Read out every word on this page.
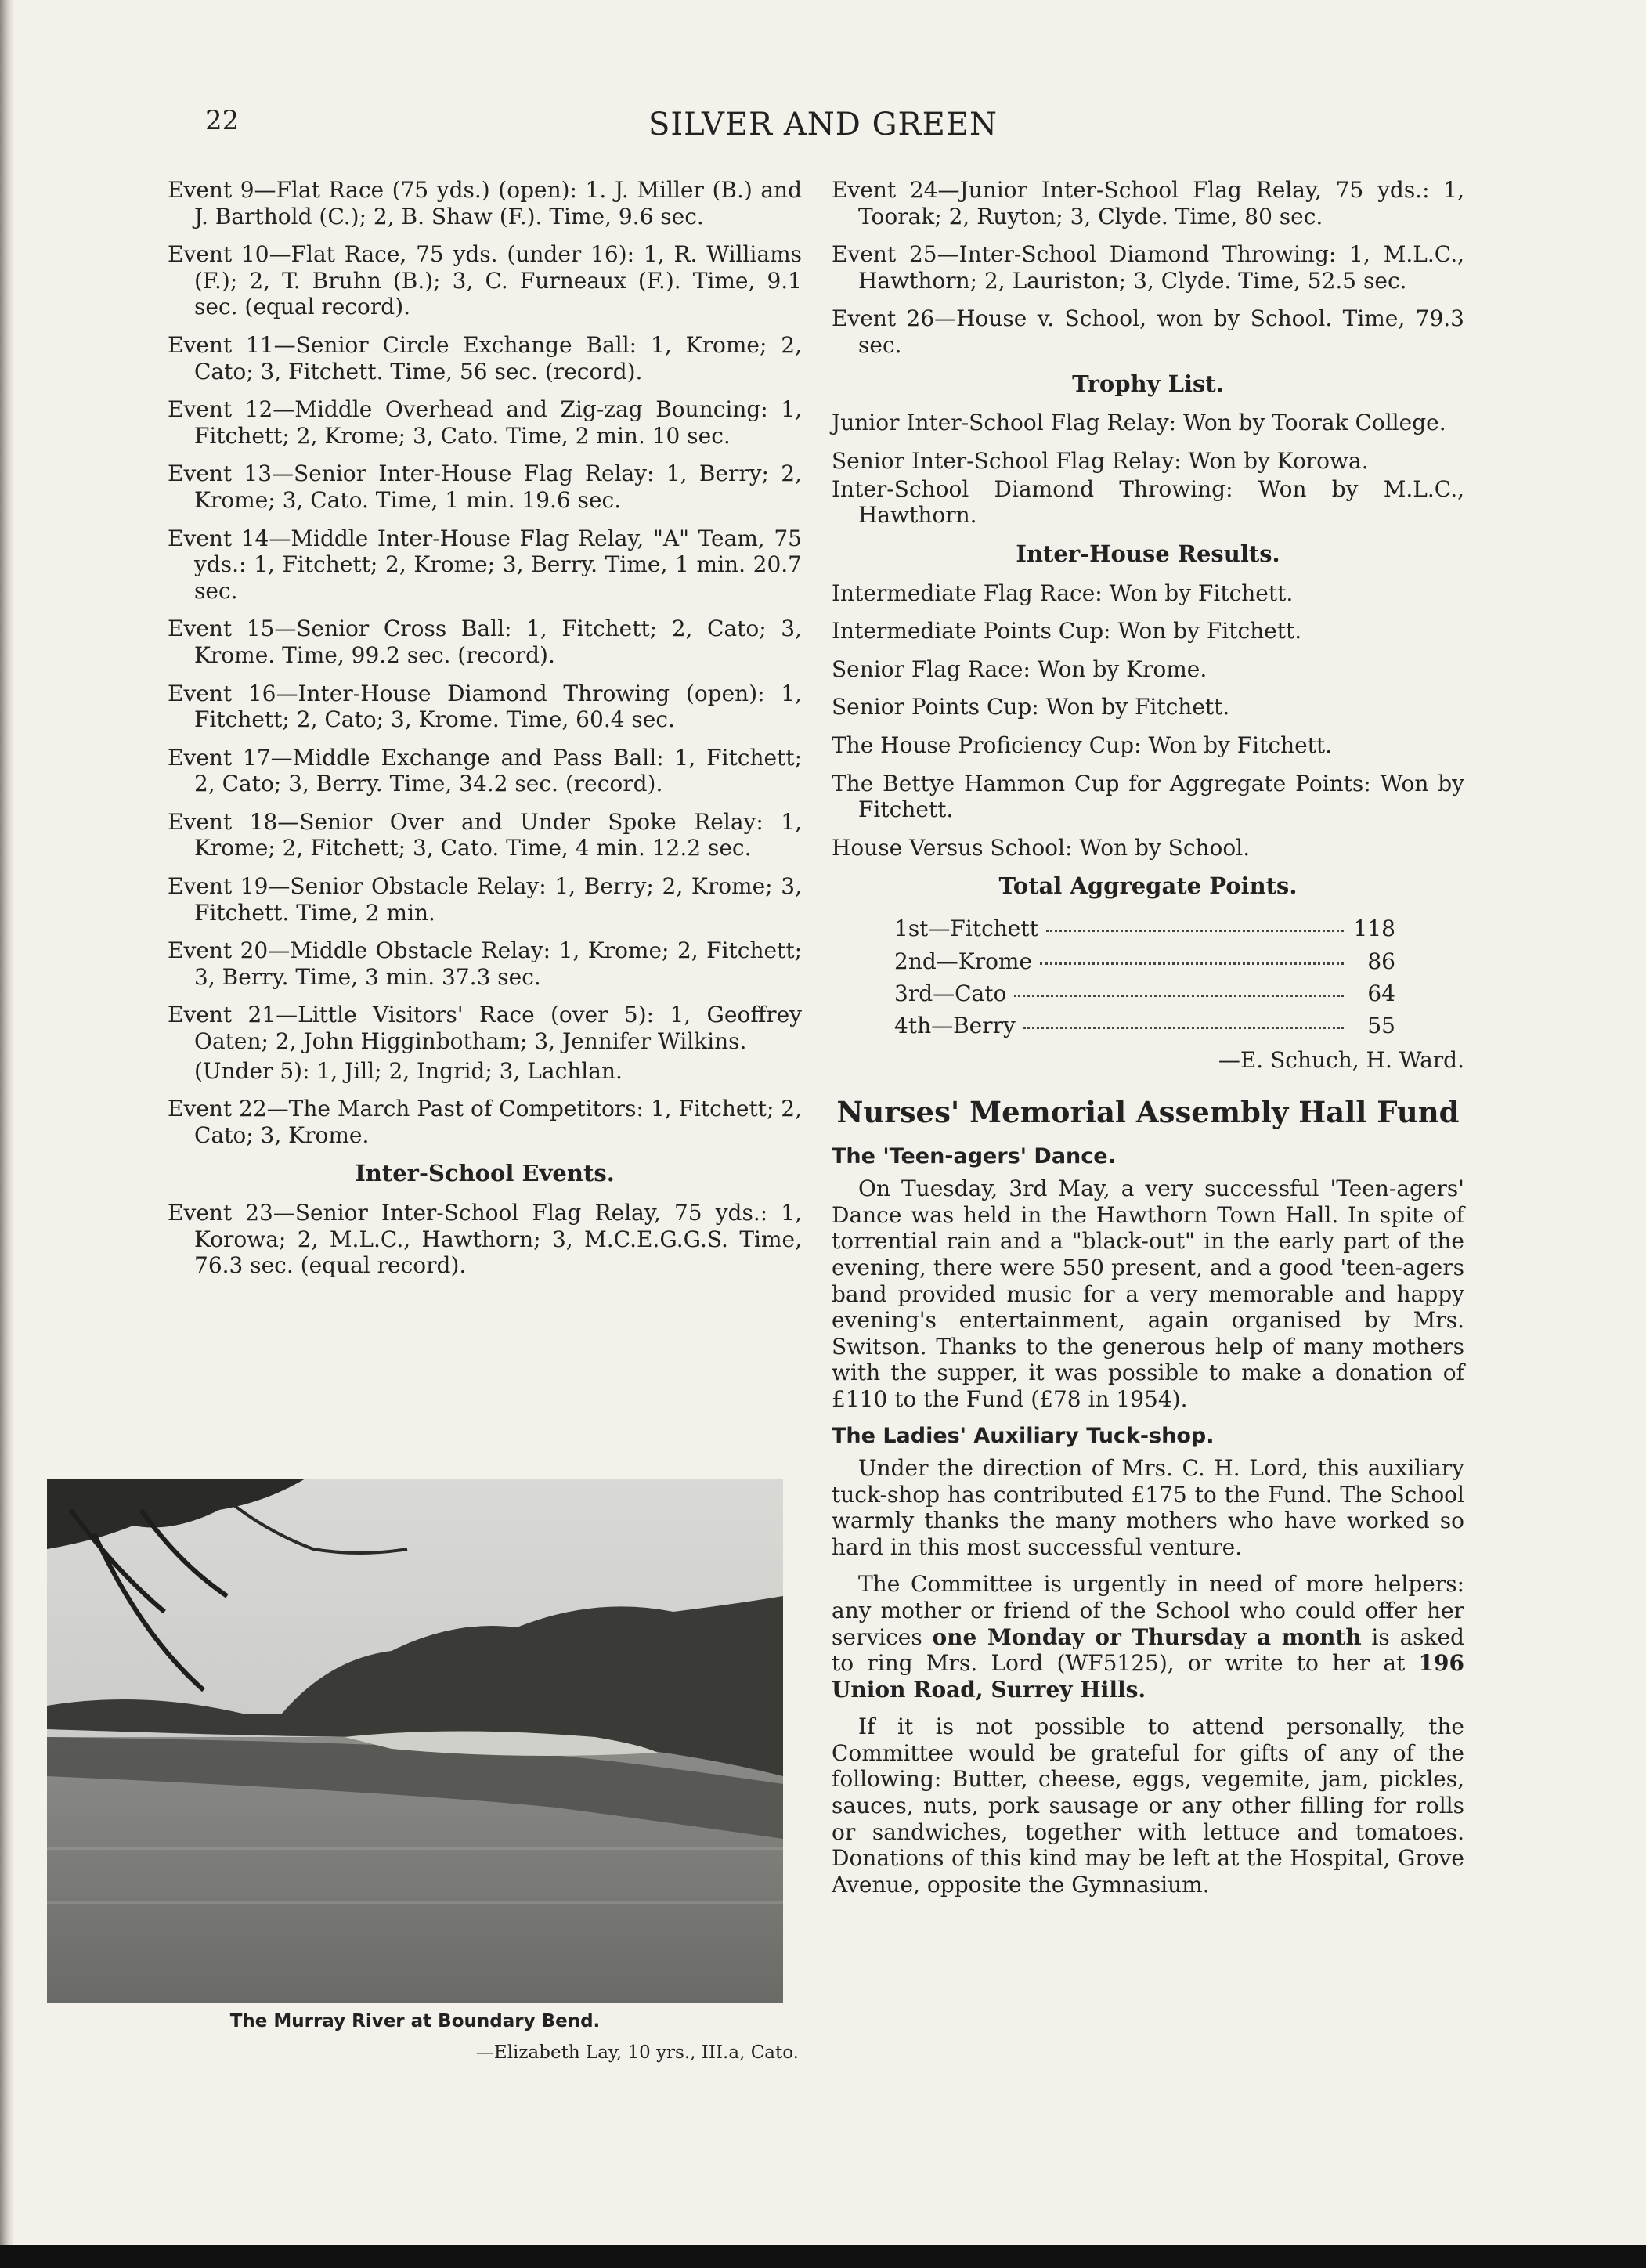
22	SILVER AND GREEN

Event 9—Flat Race (75 yds.) (open): 1. J. Miller (B.) and J. Barthold (C.); 2, B. Shaw (F.). Time, 9.6 sec.

Event 10—Flat Race, 75 yds. (under 16): 1, R. Williams (F.); 2, T. Bruhn (B.); 3, C. Furneaux (F.). Time, 9.1 sec. (equal record).

Event 11—Senior Circle Exchange Ball: 1, Krome; 2, Cato; 3, Fitchett. Time, 56 sec. (record).

Event 12—Middle Overhead and Zig-zag Bouncing: 1, Fitchett; 2, Krome; 3, Cato. Time, 2 min. 10 sec.

Event 13—Senior Inter-House Flag Relay: 1, Berry; 2, Krome; 3, Cato. Time, 1 min. 19.6 sec.

Event 14—Middle Inter-House Flag Relay, "A" Team, 75 yds.: 1, Fitchett; 2, Krome; 3, Berry. Time, 1 min. 20.7 sec.

Event 15—Senior Cross Ball: 1, Fitchett; 2, Cato; 3, Krome. Time, 99.2 sec. (record).

Event 16—Inter-House Diamond Throwing (open): 1, Fitchett; 2, Cato; 3, Krome. Time, 60.4 sec.

Event 17—Middle Exchange and Pass Ball: 1, Fitchett; 2, Cato; 3, Berry. Time, 34.2 sec. (record).

Event 18—Senior Over and Under Spoke Relay: 1, Krome; 2, Fitchett; 3, Cato. Time, 4 min. 12.2 sec.

Event 19—Senior Obstacle Relay: 1, Berry; 2, Krome; 3, Fitchett. Time, 2 min.

Event 20—Middle Obstacle Relay: 1, Krome; 2, Fitchett; 3, Berry. Time, 3 min. 37.3 sec.

Event 21—Little Visitors' Race (over 5): 1, Geoffrey Oaten; 2, John Higginbotham; 3, Jennifer Wilkins.

(Under 5): 1, Jill; 2, Ingrid; 3, Lachlan.

Event 22—The March Past of Competitors: 1, Fitchett; 2, Cato; 3, Krome.

Inter-School Events.

Event 23—Senior Inter-School Flag Relay, 75 yds.: 1, Korowa; 2, M.L.C., Hawthorn; 3, M.C.E.G.G.S. Time, 76.3 sec. (equal record).

The Murray River at Boundary Bend.
—Elizabeth Lay, 10 yrs., III.a, Cato.

Event 24—Junior Inter-School Flag Relay, 75 yds.: 1, Toorak; 2, Ruyton; 3, Clyde. Time, 80 sec.

Event 25—Inter-School Diamond Throwing: 1, M.L.C., Hawthorn; 2, Lauriston; 3, Clyde. Time, 52.5 sec.

Event 26—House v. School, won by School. Time, 79.3 sec.

Trophy List.

Junior Inter-School Flag Relay: Won by Toorak College.

Senior Inter-School Flag Relay: Won by Korowa.

Inter-School Diamond Throwing: Won by M.L.C., Hawthorn.

Inter-House Results.

Intermediate Flag Race: Won by Fitchett.

Intermediate Points Cup: Won by Fitchett.

Senior Flag Race: Won by Krome.

Senior Points Cup: Won by Fitchett.

The House Proficiency Cup: Won by Fitchett.

The Bettye Hammon Cup for Aggregate Points: Won by Fitchett.

House Versus School: Won by School.

Total Aggregate Points.
1st—Fitchett	118
2nd—Krome	86
3rd—Cato	64
4th—Berry	55
—E. Schuch, H. Ward.
Nurses' Memorial Assembly Hall Fund
The 'Teen-agers' Dance.

On Tuesday, 3rd May, a very successful 'Teen-agers' Dance was held in the Hawthorn Town Hall. In spite of torrential rain and a "black-out" in the early part of the evening, there were 550 present, and a good 'teen-agers band provided music for a very memorable and happy evening's entertainment, again organised by Mrs. Switson. Thanks to the generous help of many mothers with the supper, it was possible to make a donation of £110 to the Fund (£78 in 1954).

The Ladies' Auxiliary Tuck-shop.

Under the direction of Mrs. C. H. Lord, this auxiliary tuck-shop has contributed £175 to the Fund. The School warmly thanks the many mothers who have worked so hard in this most successful venture.

The Committee is urgently in need of more helpers: any mother or friend of the School who could offer her services one Monday or Thursday a month is asked to ring Mrs. Lord (WF5125), or write to her at 196 Union Road, Surrey Hills.

If it is not possible to attend personally, the Committee would be grateful for gifts of any of the following: Butter, cheese, eggs, vegemite, jam, pickles, sauces, nuts, pork sausage or any other filling for rolls or sandwiches, together with lettuce and tomatoes. Donations of this kind may be left at the Hospital, Grove Avenue, opposite the Gymnasium.
